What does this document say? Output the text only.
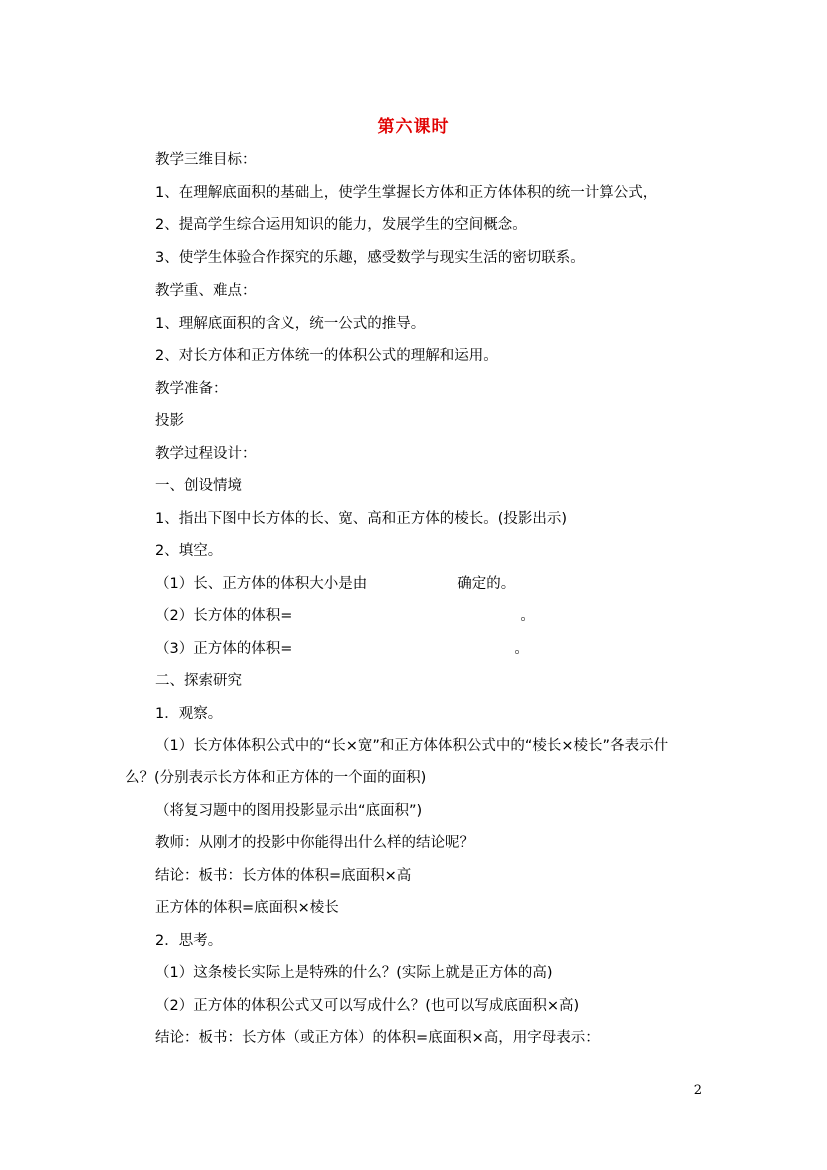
第六课时
教学三维目标：
1、在理解底面积的基础上，使学生掌握长方体和正方体体积的统一计算公式，
2、提高学生综合运用知识的能力，发展学生的空间概念。
3、使学生体验合作探究的乐趣，感受数学与现实生活的密切联系。
教学重、难点：
1、理解底面积的含义，统一公式的推导。
2、对长方体和正方体统一的体积公式的理解和运用。
教学准备：
投影
教学过程设计：
一、创设情境
1、指出下图中长方体的长、宽、高和正方体的棱长。(投影出示)
2、填空。
（1）长、正方体的体积大小是由	确定的。
（2）长方体的体积=	。
（3）正方体的体积=	。
二、探索研究
1．观察。
（1）长方体体积公式中的“长×宽”和正方体体积公式中的“棱长×棱长”各表示什
么？(分别表示长方体和正方体的一个面的面积)
（将复习题中的图用投影显示出“底面积”)
教师：从刚才的投影中你能得出什么样的结论呢？
结论：板书：长方体的体积=底面积×高
正方体的体积=底面积×棱长
2．思考。
（1）这条棱长实际上是特殊的什么？(实际上就是正方体的高)
（2）正方体的体积公式又可以写成什么？(也可以写成底面积×高)
结论：板书：长方体（或正方体）的体积=底面积×高，用字母表示：
2
